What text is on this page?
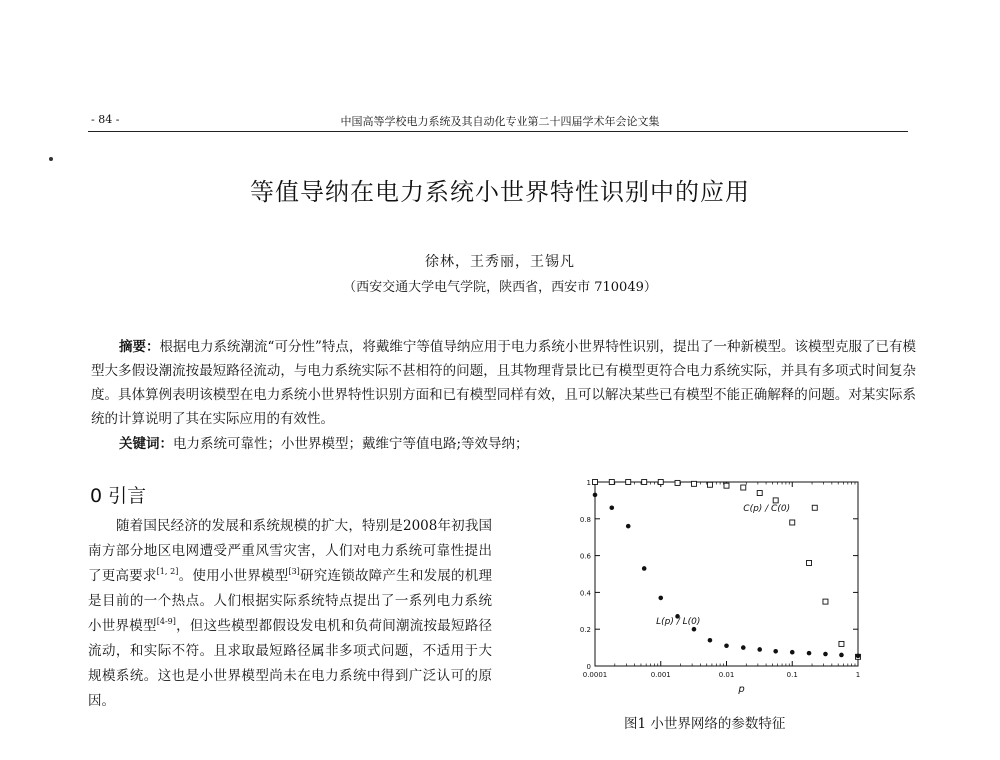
- 84 -	中国高等学校电力系统及其自动化专业第二十四届学术年会论文集
等值导纳在电力系统小世界特性识别中的应用
徐林，王秀丽，王锡凡
（西安交通大学电气学院，陕西省，西安市 710049）
摘要：根据电力系统潮流“可分性”特点，将戴维宁等值导纳应用于电力系统小世界特性识别，提出了一种新模型。该模型克服了已有模型大多假设潮流按最短路径流动，与电力系统实际不甚相符的问题，且其物理背景比已有模型更符合电力系统实际，并具有多项式时间复杂度。具体算例表明该模型在电力系统小世界特性识别方面和已有模型同样有效，且可以解决某些已有模型不能正确解释的问题。对某实际系统的计算说明了其在实际应用的有效性。
关键词：电力系统可靠性；小世界模型；戴维宁等值电路;等效导纳；
0 引言
随着国民经济的发展和系统规模的扩大，特别是2008年初我国南方部分地区电网遭受严重风雪灾害，人们对电力系统可靠性提出了更高要求[1, 2]。使用小世界模型[3]研究连锁故障产生和发展的机理是目前的一个热点。人们根据实际系统特点提出了一系列电力系统小世界模型[4-9]，但这些模型都假设发电机和负荷间潮流按最短路径流动，和实际不符。且求取最短路径属非多项式问题，不适用于大规模系统。这也是小世界模型尚未在电力系统中得到广泛认可的原因。
0.0001	0.001	0.01	0.1	1
0
0.2
0.4
0.6
0.8
1
p
C(p) / C(0)
L(p) / L(0)
图1 小世界网络的参数特征
